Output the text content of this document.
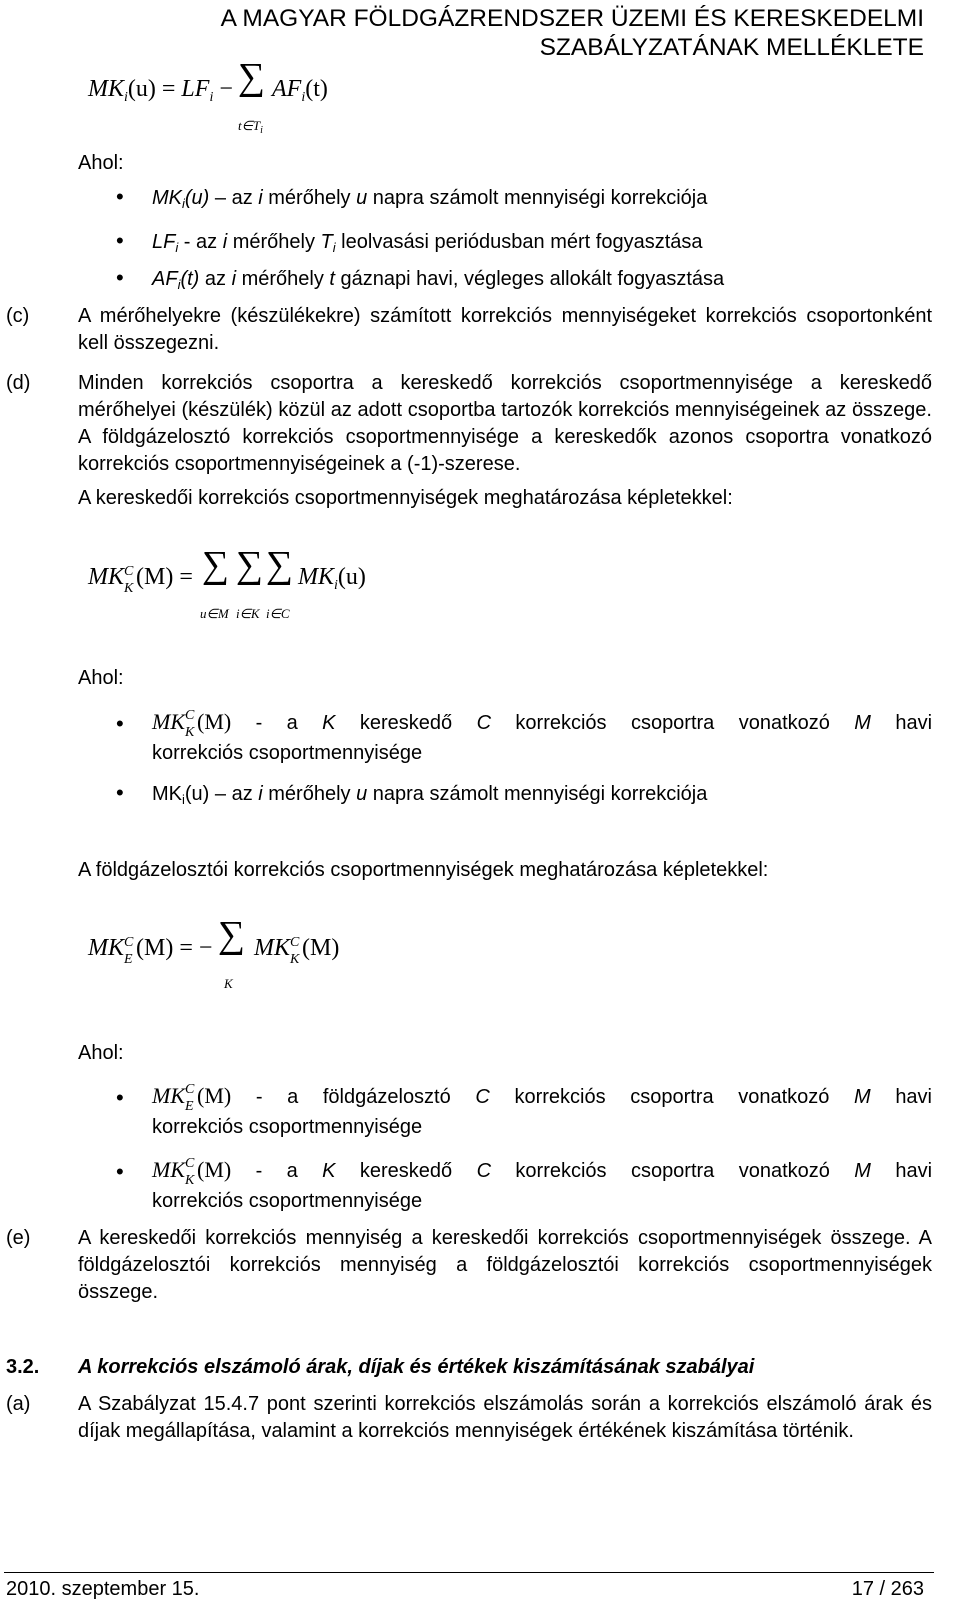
A MAGYAR FÖLDGÁZRENDSZER ÜZEMI ÉS KERESKEDELMI
SZABÁLYZATÁNAK MELLÉKLETE
$MK_i(u) = LF_i$ − ∑ $AF_i(t)$
$t\in T_i$
Ahol:
• $MK_i(u)$ – az i mérőhely u napra számolt mennyiségi korrekciója
• $LF_i$ - az i mérőhely $T_i$ leolvasási periódusban mért fogyasztása
• $AF_i(t)$ az i mérőhely t gáznapi havi, végleges allokált fogyasztása
(c) A mérőhelyekre (készülékekre) számított korrekciós mennyiségeket korrekciós csoportonként kell összegezni.
(d) Minden korrekciós csoportra a kereskedő korrekciós csoportmennyisége a kereskedő mérőhelyei (készülék) közül az adott csoportba tartozók korrekciós mennyiségeinek az összege. A földgázelosztó korrekciós csoportmennyisége a kereskedők azonos csoportra vonatkozó korrekciós csoportmennyiségeinek a (-1)-szerese.
A kereskedői korrekciós csoportmennyiségek meghatározása képletekkel:
MK C
K (M) = ∑ ∑ ∑ $MK_i(u)$
u∈M i∈K i∈C
Ahol:
• MK C
K (M) - a K kereskedő C korrekciós csoportra vonatkozó M havi
korrekciós csoportmennyisége
• $MK_i(u)$ – az i mérőhely u napra számolt mennyiségi korrekciója
A földgázelosztói korrekciós csoportmennyiségek meghatározása képletekkel:
MK C
E (M) = − ∑ MK C
K (M)
K
Ahol:
• MK C
E (M) - a földgázelosztó C korrekciós csoportra vonatkozó M havi
korrekciós csoportmennyisége
• MK C
K (M) - a K kereskedő C korrekciós csoportra vonatkozó M havi
korrekciós csoportmennyisége
(e) A kereskedői korrekciós mennyiség a kereskedői korrekciós csoportmennyiségek összege. A földgázelosztói korrekciós mennyiség a földgázelosztói korrekciós csoportmennyiségek összege.
3.2. A korrekciós elszámoló árak, díjak és értékek kiszámításának szabályai
(a) A Szabályzat 15.4.7 pont szerinti korrekciós elszámolás során a korrekciós elszámoló árak és díjak megállapítása, valamint a korrekciós mennyiségek értékének kiszámítása történik.
2010. szeptember 15.	17 / 263
